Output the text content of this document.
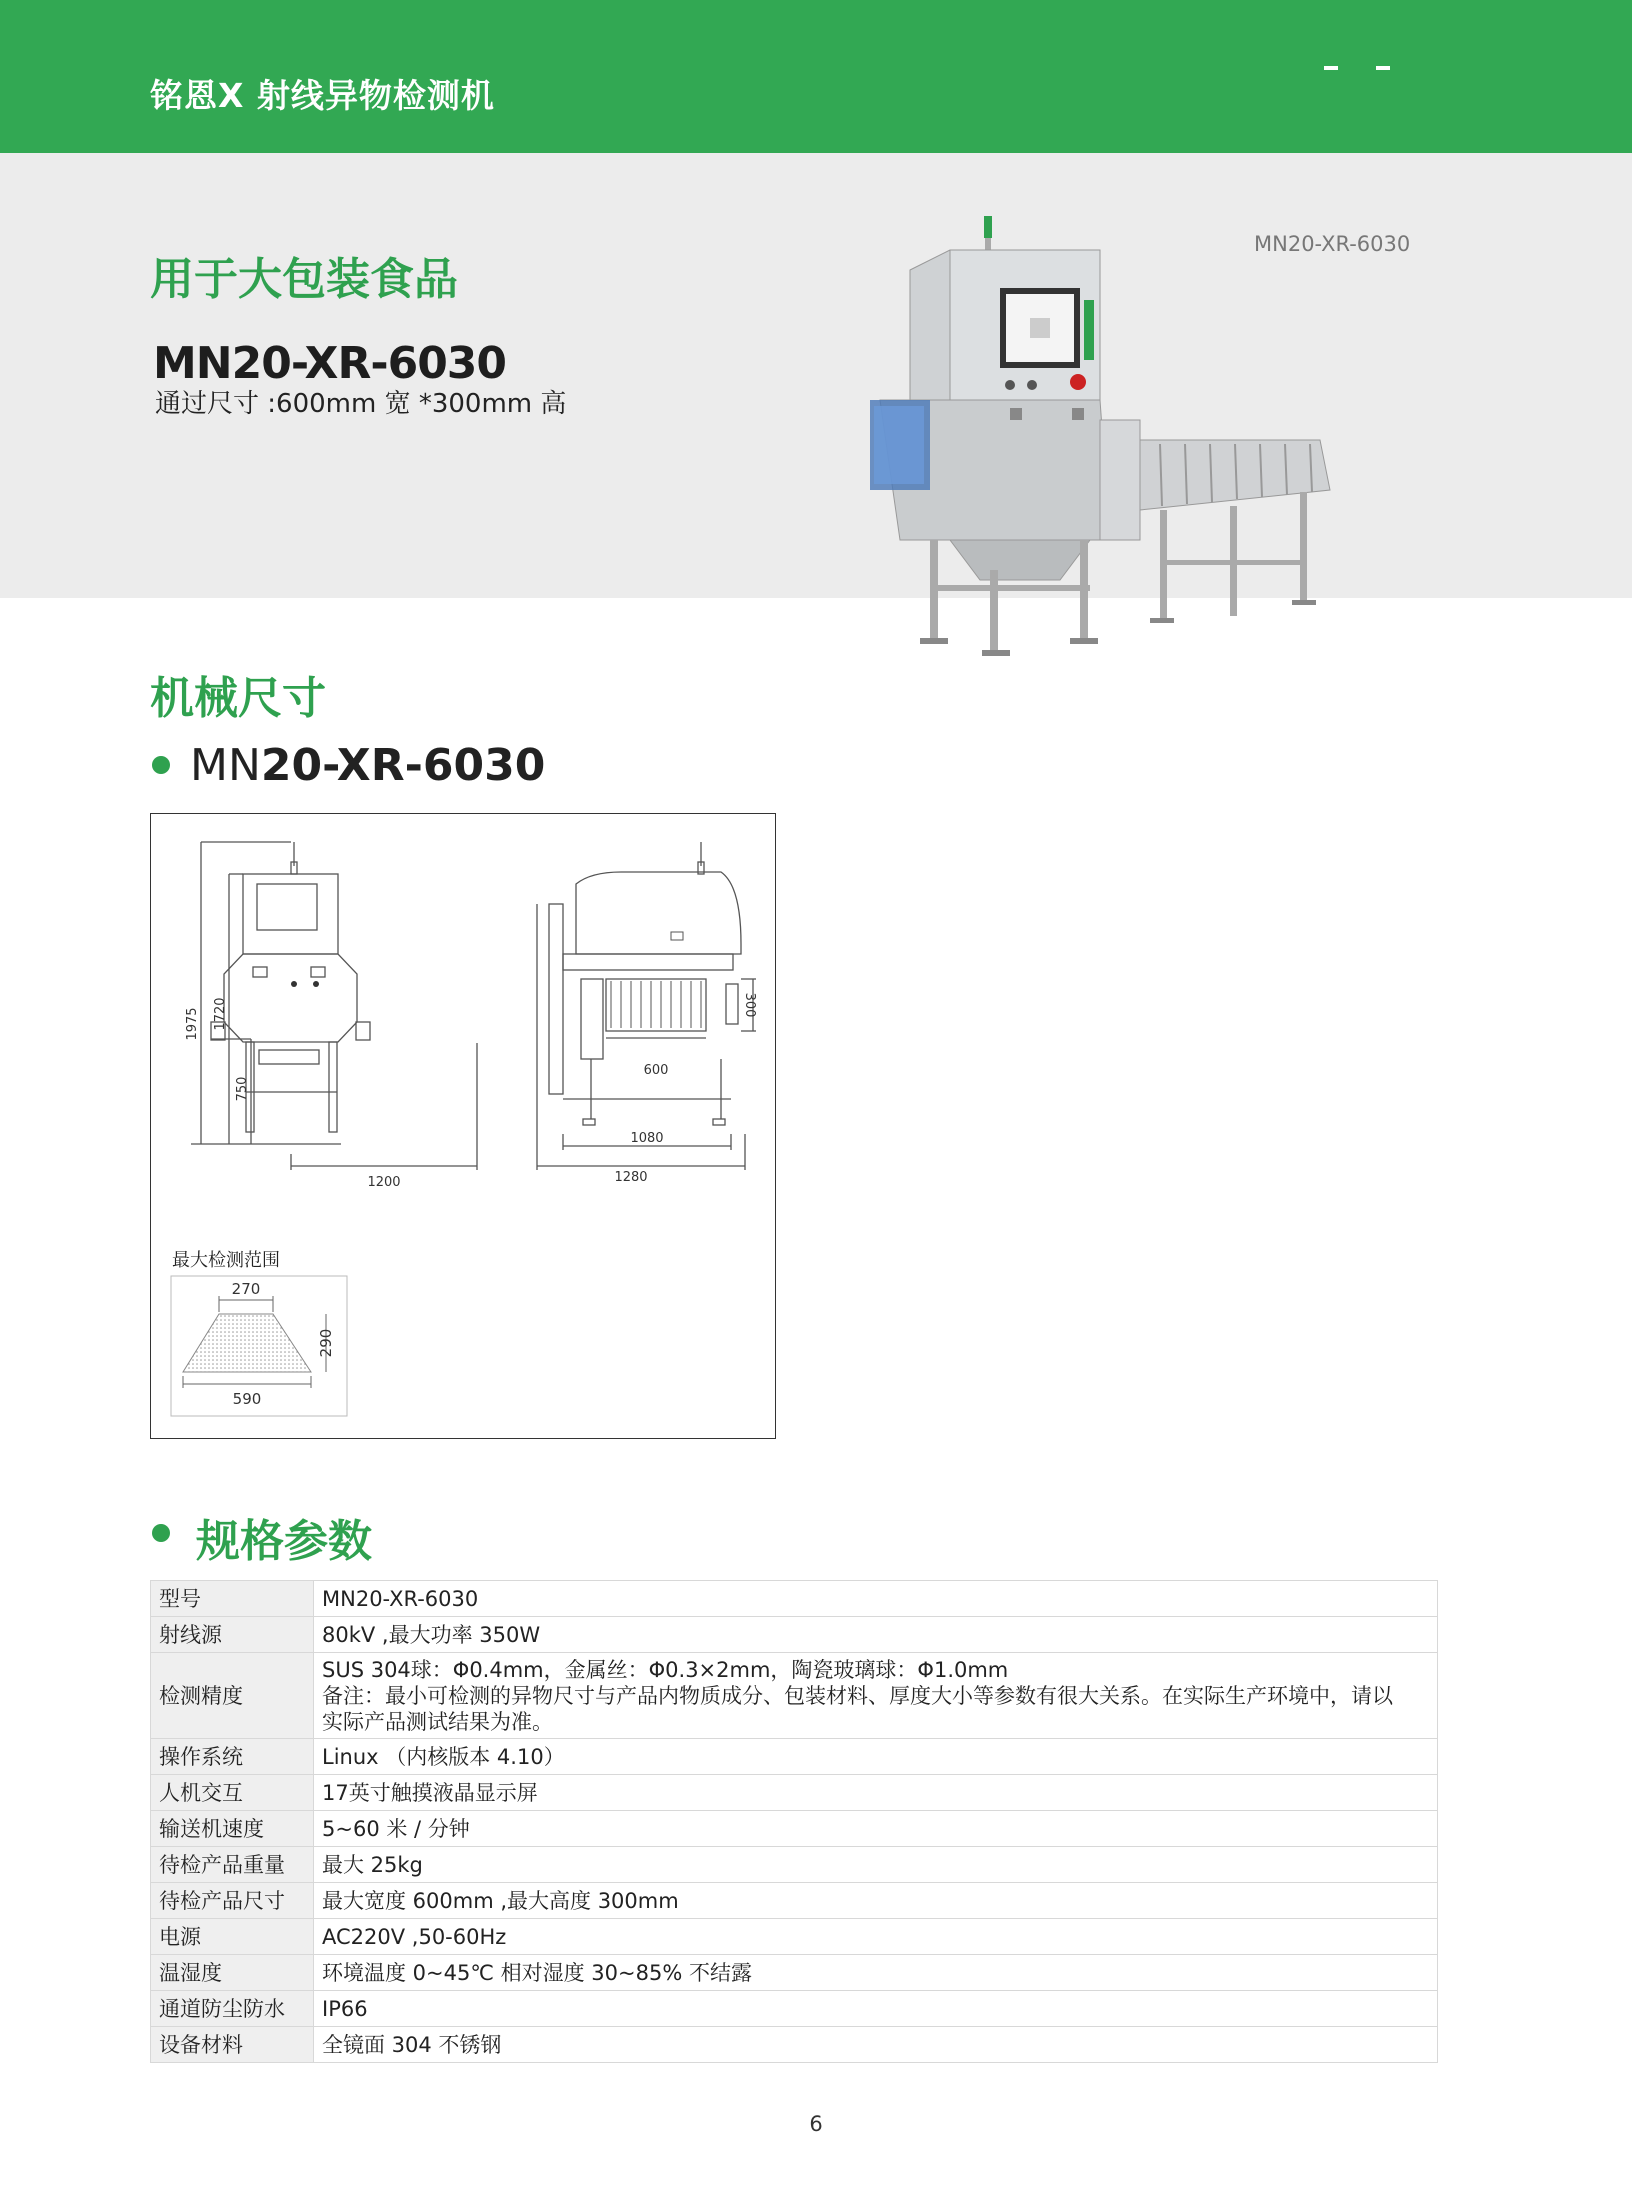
铭恩X 射线异物检测机
用于大包装食品
MN20-XR-6030
通过尺寸 :600mm 宽 *300mm 高
MN20-XR-6030
机械尺寸
MN20-XR-6030
1975 1720
750
1200
300
600
1080
1280
最大检测范围
270
290
590
规格参数
型号	MN20-XR-6030
射线源	80kV ,最大功率 350W
检测精度	SUS 304球：Φ0.4mm，金属丝：Φ0.3×2mm，陶瓷玻璃球：Φ1.0mm
备注：最小可检测的异物尺寸与产品内物质成分、包装材料、厚度大小等参数有很大关系。在实际生产环境中，请以
实际产品测试结果为准。

操作系统	Linux （内核版本 4.10）
人机交互	17英寸触摸液晶显示屏
输送机速度	5~60 米 / 分钟
待检产品重量	最大 25kg
待检产品尺寸	最大宽度 600mm ,最大高度 300mm
电源	AC220V ,50-60Hz
温湿度	环境温度 0~45℃ 相对湿度 30~85% 不结露
通道防尘防水	IP66
设备材料	全镜面 304 不锈钢
6
